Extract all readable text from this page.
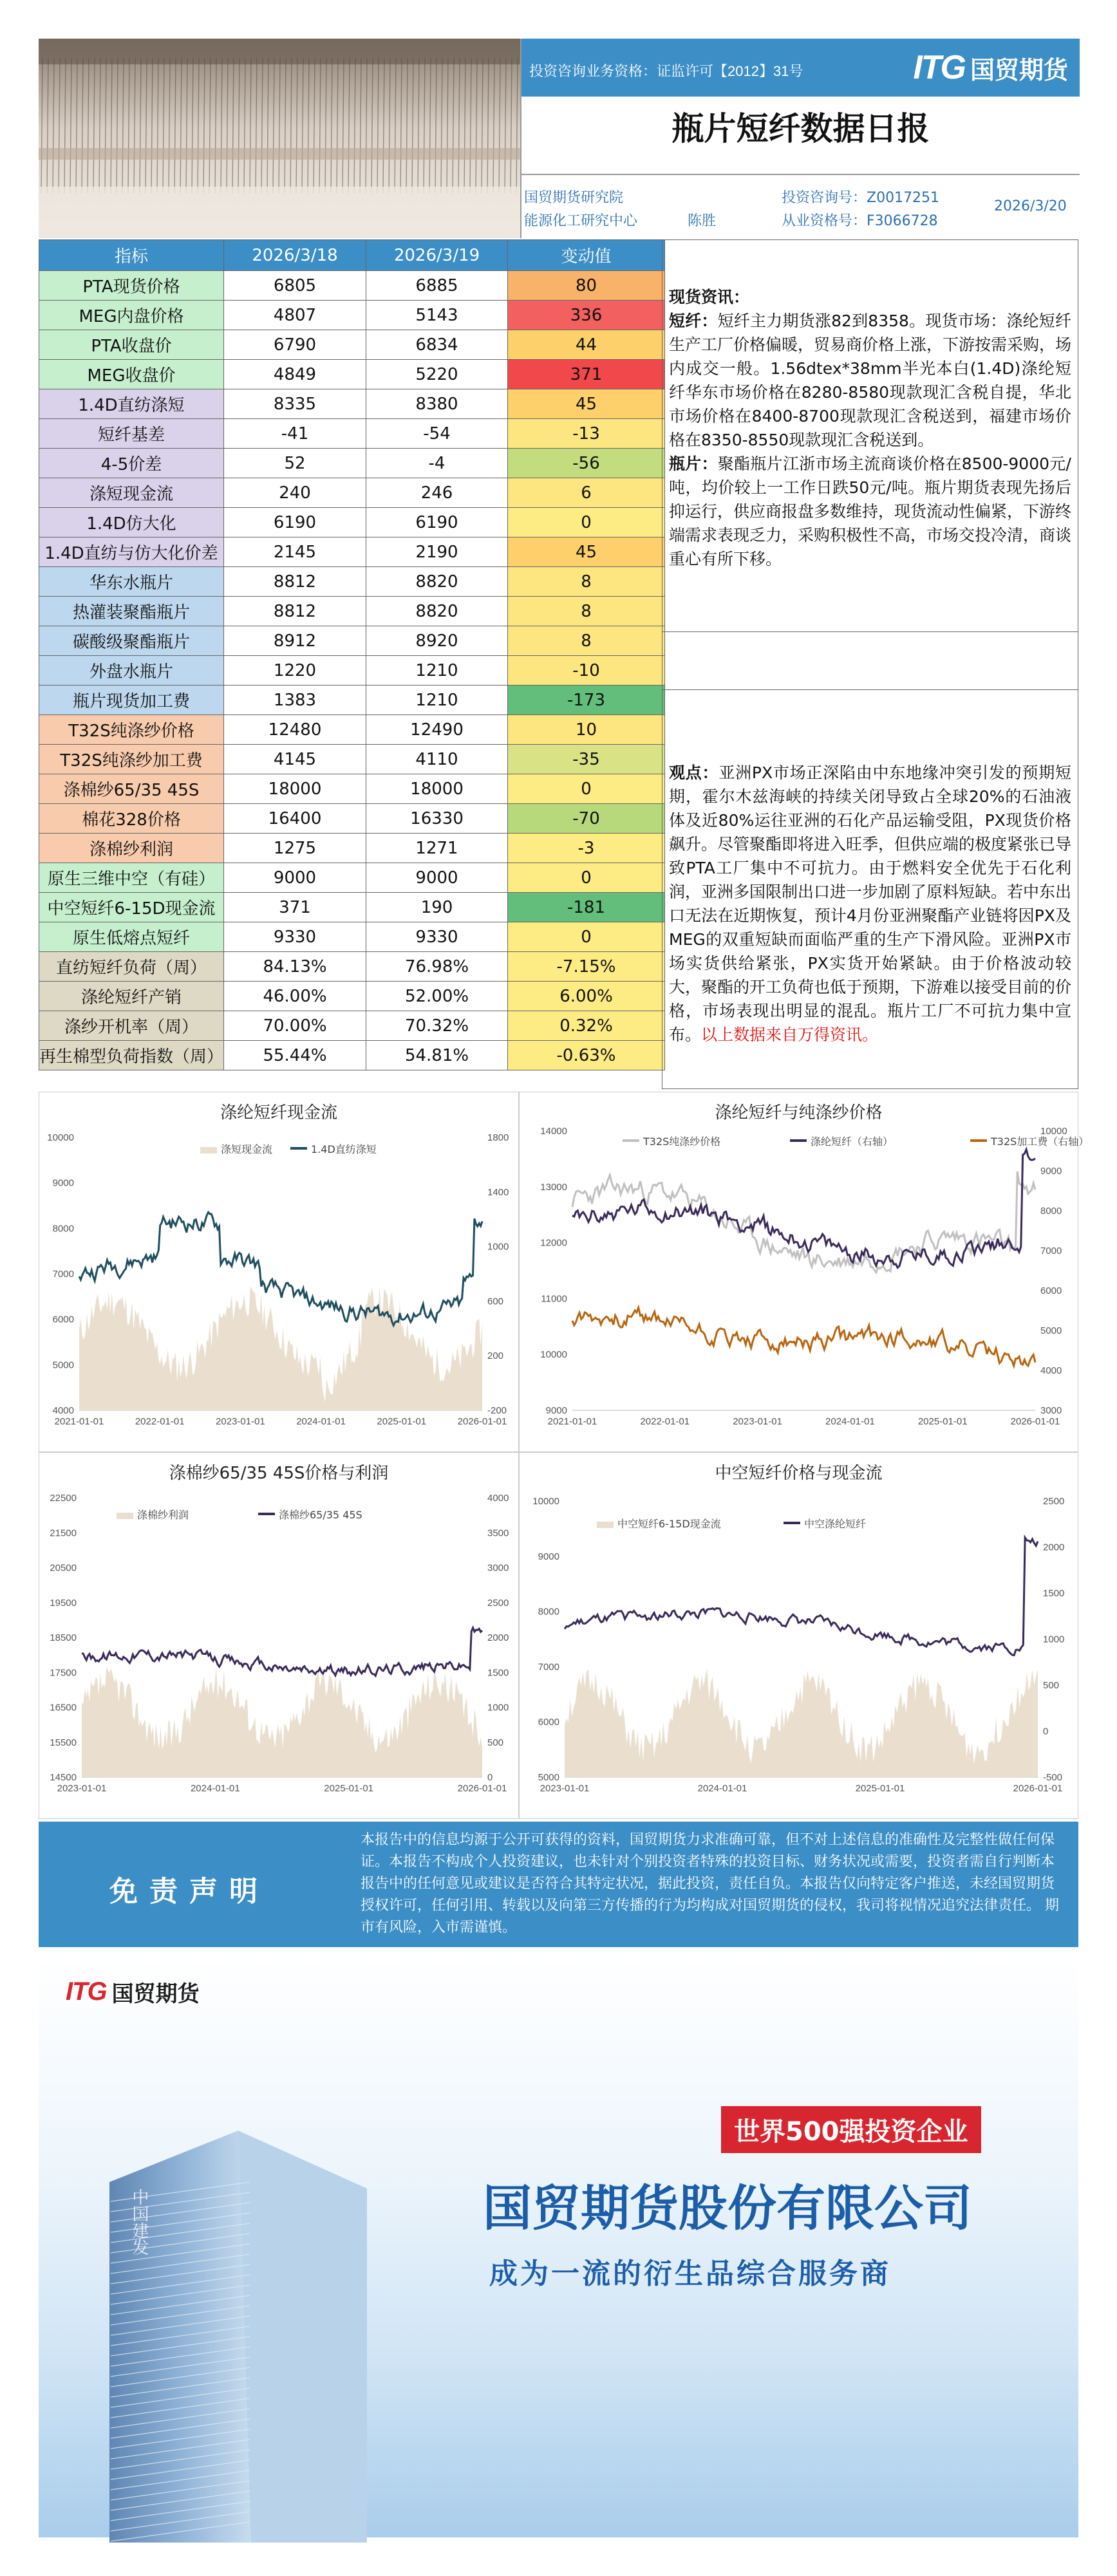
投资咨询业务资格：证监许可【2012】31号	ITG 国贸期货
瓶片短纤数据日报
国贸期货研究院
能源化工研究中心	陈胜
投资咨询号：Z0017251
从业资格号：F3066728
2026/3/20
指标	2026/3/18	2026/3/19	变动值
PTA现货价格	6805	6885	80
MEG内盘价格	4807	5143	336
PTA收盘价	6790	6834	44
MEG收盘价	4849	5220	371
1.4D直纺涤短	8335	8380	45
短纤基差	-41	-54	-13
4-5价差	52	-4	-56
涤短现金流	240	246	6
1.4D仿大化	6190	6190	0
1.4D直纺与仿大化价差	2145	2190	45
华东水瓶片	8812	8820	8
热灌装聚酯瓶片	8812	8820	8
碳酸级聚酯瓶片	8912	8920	8
外盘水瓶片	1220	1210	-10
瓶片现货加工费	1383	1210	-173
T32S纯涤纱价格	12480	12490	10
T32S纯涤纱加工费	4145	4110	-35
涤棉纱65/35 45S	18000	18000	0
棉花328价格	16400	16330	-70
涤棉纱利润	1275	1271	-3
原生三维中空（有硅）	9000	9000	0
中空短纤6-15D现金流	371	190	-181
原生低熔点短纤	9330	9330	0
直纺短纤负荷（周）	84.13%	76.98%	-7.15%
涤纶短纤产销	46.00%	52.00%	6.00%
涤纱开机率（周）	70.00%	70.32%	0.32%
再生棉型负荷指数（周）	55.44%	54.81%	-0.63%
现货资讯：

短纤：短纤主力期货涨82到8358。现货市场：涤纶短纤生产工厂价格偏暖，贸易商价格上涨，下游按需采购，场内成交一般。1.56dtex*38mm半光本白(1.4D)涤纶短纤华东市场价格在8280-8580现款现汇含税自提，华北市场价格在8400-8700现款现汇含税送到，福建市场价格在8350-8550现款现汇含税送到。

瓶片：聚酯瓶片江浙市场主流商谈价格在8500-9000元/吨，均价较上一工作日跌50元/吨。瓶片期货表现先扬后抑运行，供应商报盘多数维持，现货流动性偏紧，下游终端需求表现乏力，采购积极性不高，市场交投冷清，商谈重心有所下移。

观点：亚洲PX市场正深陷由中东地缘冲突引发的预期短期，霍尔木兹海峡的持续关闭导致占全球20%的石油液体及近80%运往亚洲的石化产品运输受阻，PX现货价格飙升。尽管聚酯即将进入旺季，但供应端的极度紧张已导致PTA工厂集中不可抗力。由于燃料安全优先于石化利润，亚洲多国限制出口进一步加剧了原料短缺。若中东出口无法在近期恢复，预计4月份亚洲聚酯产业链将因PX及MEG的双重短缺而面临严重的生产下滑风险。亚洲PX市场实货供给紧张，PX实货开始紧缺。由于价格波动较大，聚酯的开工负荷也低于预期，下游难以接受目前的价格，市场表现出明显的混乱。瓶片工厂不可抗力集中宣布。以上数据来自万得资讯。

涤纶短纤现金流
涤短现金流	1.4D直纺涤短
10000
9000
8000
7000
6000
5000
4000
1800
1400
1000
600
200
-200
2021-01-01	2022-01-01	2023-01-01	2024-01-01	2025-01-01	2026-01-01
涤纶短纤与纯涤纱价格
T32S纯涤纱价格	涤纶短纤（右轴）	T32S加工费（右轴）
14000
13000
12000
11000
10000
9000
10000
9000
8000
7000
6000
5000
4000
3000
2021-01-01	2022-01-01	2023-01-01	2024-01-01	2025-01-01	2026-01-01
涤棉纱65/35 45S价格与利润
涤棉纱利润	涤棉纱65/35 45S
22500
21500
20500
19500
18500
17500
16500
15500
14500
4000
3500
3000
2500
2000
1500
1000
500
0
2023-01-01	2024-01-01	2025-01-01	2026-01-01
中空短纤价格与现金流
中空短纤6-15D现金流	中空涤纶短纤
10000
9000
8000
7000
6000
5000
2500
2000
1500
1000
500
0
-500
2023-01-01	2024-01-01	2025-01-01	2026-01-01
免责声明
本报告中的信息均源于公开可获得的资料，国贸期货力求准确可靠，但不对上述信息的准确性及完整性做任何保证。本报告不构成个人投资建议，也未针对个别投资者特殊的投资目标、财务状况或需要，投资者需自行判断本报告中的任何意见或建议是否符合其特定状况，据此投资，责任自负。本报告仅向特定客户推送，未经国贸期货授权许可，任何引用、转载以及向第三方传播的行为均构成对国贸期货的侵权，我司将视情况追究法律责任。 期市有风险，入市需谨慎。
ITG 国贸期货
中国建发
世界500强投资企业
国贸期货股份有限公司
成为一流的衍生品综合服务商
